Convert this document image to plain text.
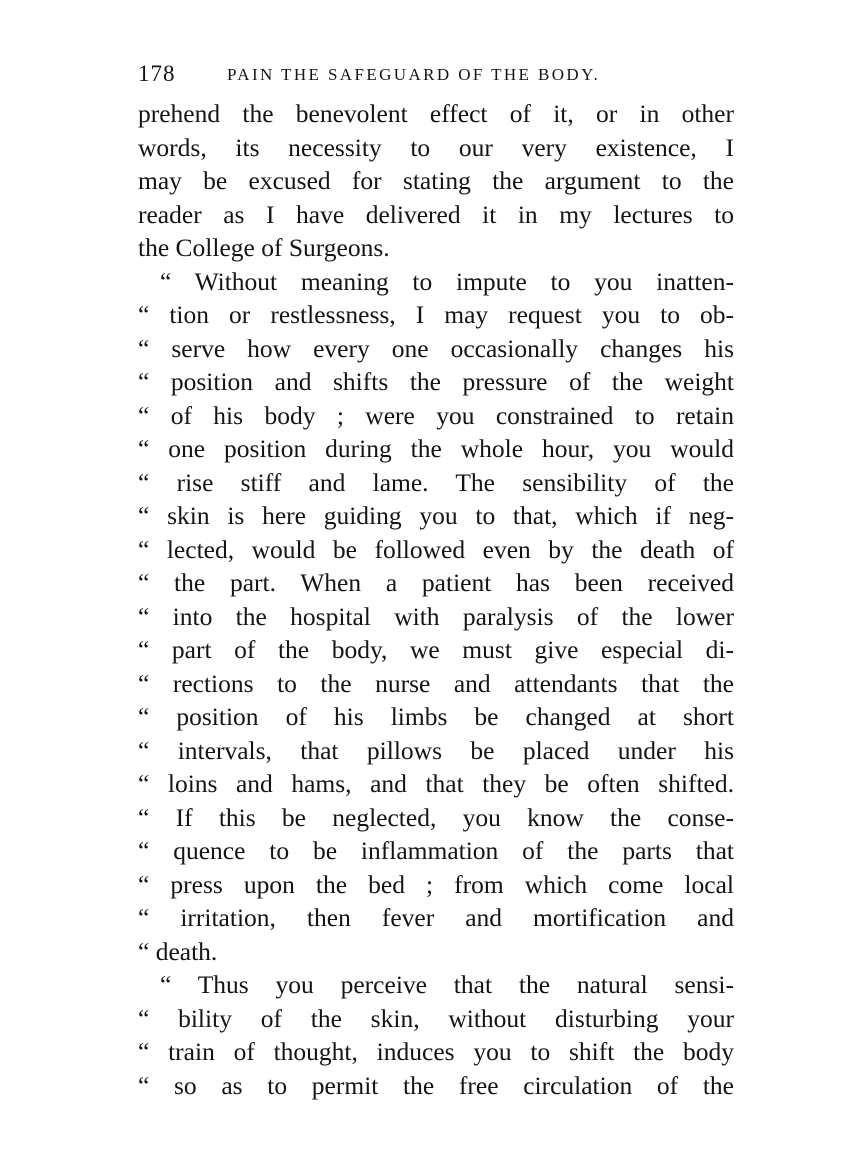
178	PAIN THE SAFEGUARD OF THE BODY.
prehend the benevolent effect of it, or in other
words, its necessity to our very existence, I
may be excused for stating the argument to the
reader as I have delivered it in my lectures to
the College of Surgeons.
“ Without meaning to impute to you inatten-
“ tion or restlessness, I may request you to ob-
“ serve how every one occasionally changes his
“ position and shifts the pressure of the weight
“ of his body ; were you constrained to retain
“ one position during the whole hour, you would
“ rise stiff and lame. The sensibility of the
“ skin is here guiding you to that, which if neg-
“ lected, would be followed even by the death of
“ the part. When a patient has been received
“ into the hospital with paralysis of the lower
“ part of the body, we must give especial di-
“ rections to the nurse and attendants that the
“ position of his limbs be changed at short
“ intervals, that pillows be placed under his
“ loins and hams, and that they be often shifted.
“ If this be neglected, you know the conse-
“ quence to be inflammation of the parts that
“ press upon the bed ; from which come local
“ irritation, then fever and mortification and
“ death.
“ Thus you perceive that the natural sensi-
“ bility of the skin, without disturbing your
“ train of thought, induces you to shift the body
“ so as to permit the free circulation of the
